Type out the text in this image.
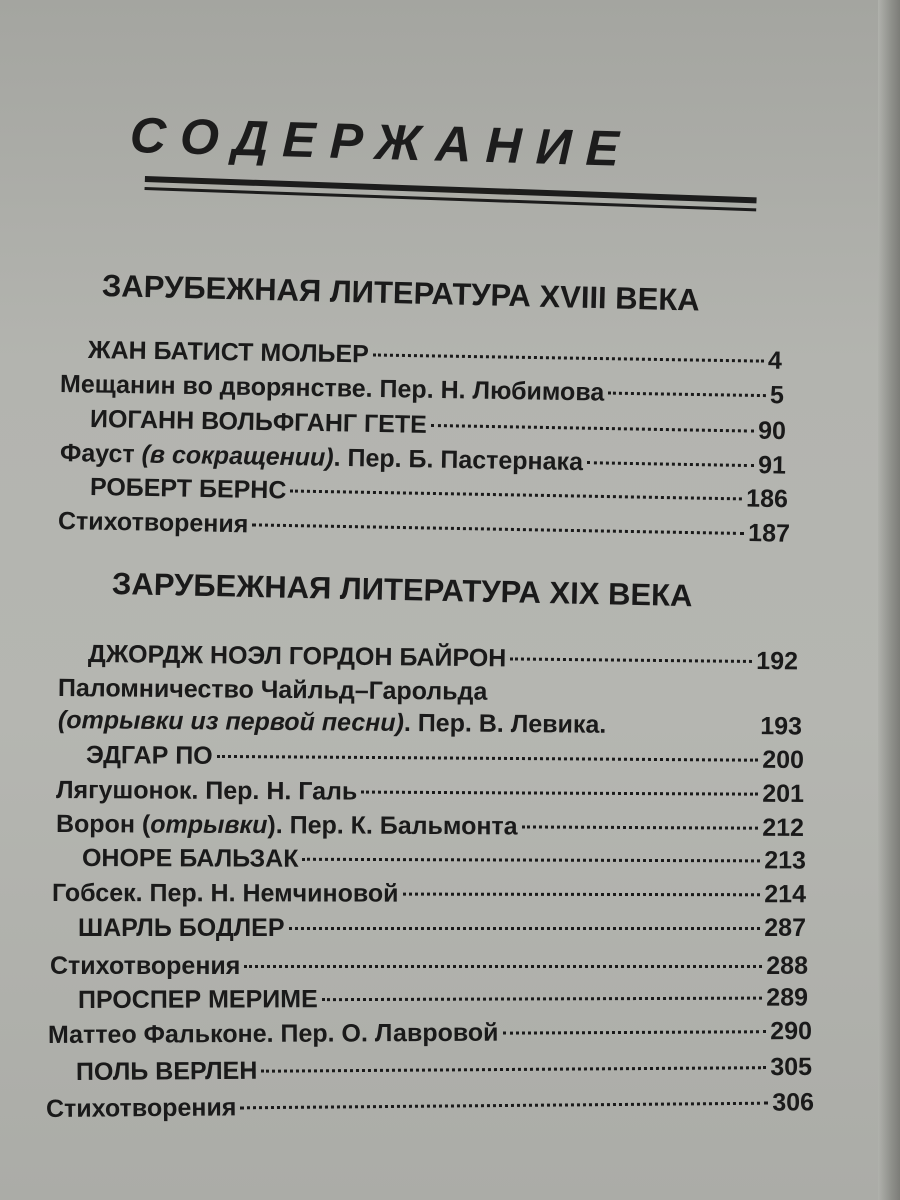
СОДЕРЖАНИЕ
ЗАРУБЕЖНАЯ ЛИТЕРАТУРА XVIII ВЕКА
ЖАН БАТИСТ МОЛЬЕР	4
Мещанин во дворянстве. Пер. Н. Любимова	5
ИОГАНН ВОЛЬФГАНГ ГЕТЕ	90
Фауст (в сокращении). Пер. Б. Пастернака	91
РОБЕРТ БЕРНС	186
Стихотворения	187
ЗАРУБЕЖНАЯ ЛИТЕРАТУРА XIX ВЕКА
ДЖОРДЖ НОЭЛ ГОРДОН БАЙРОН	192
Паломничество Чайльд–Гарольда
(отрывки из первой песни). Пер. В. Левика.	193
ЭДГАР ПО	200
Лягушонок. Пер. Н. Галь	201
Ворон (отрывки). Пер. К. Бальмонта	212
ОНОРЕ БАЛЬЗАК	213
Гобсек. Пер. Н. Немчиновой	214
ШАРЛЬ БОДЛЕР	287
Стихотворения	288
ПРОСПЕР МЕРИМЕ	289
Маттео Фальконе. Пер. О. Лавровой	290
ПОЛЬ ВЕРЛЕН	305
Стихотворения	306
